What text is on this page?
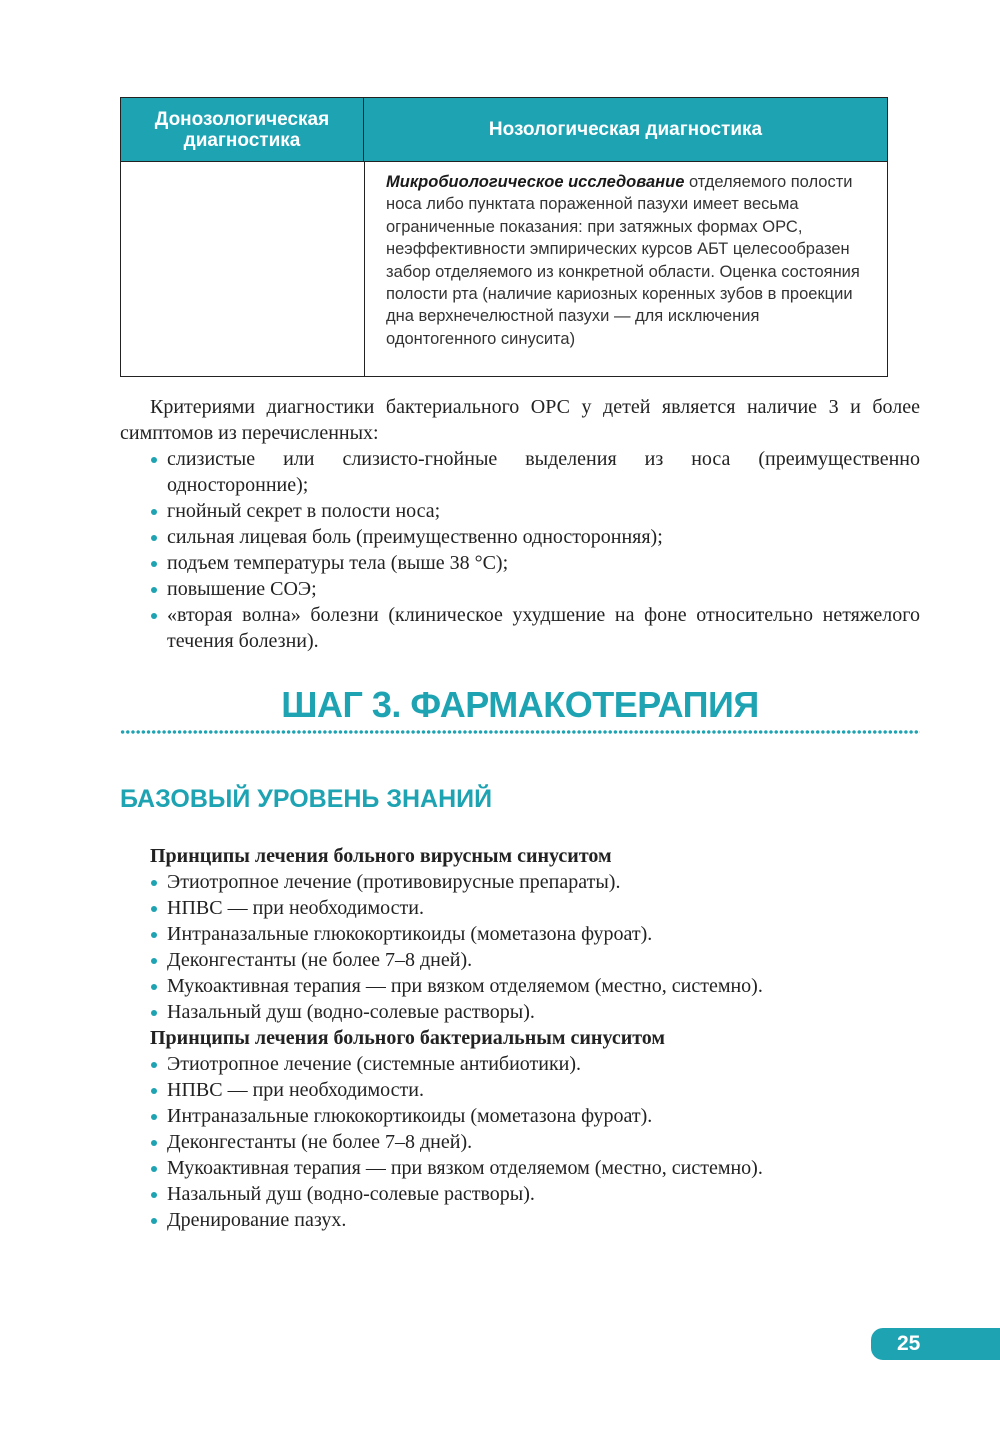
Донозологическая диагностика	Нозологическая диагностика
Микробиологическое исследование отделяемого полости носа либо пунктата пораженной пазухи имеет весьма ограниченные показания: при затяжных формах ОРС, неэффективности эмпирических курсов АБТ целесообразен забор отделяемого из конкретной области. Оценка состояния полости рта (наличие кариозных коренных зубов в проекции дна верхнечелюстной пазухи — для исключения одонтогенного синусита)

Критериями диагностики бактериального ОРС у детей является наличие 3 и более симптомов из перечисленных:

слизистые или слизисто-гнойные выделения из носа (преимущественно односторонние);
гнойный секрет в полости носа;
сильная лицевая боль (преимущественно односторонняя);
подъем температуры тела (выше 38 °С);
повышение СОЭ;
«вторая волна» болезни (клиническое ухудшение на фоне относительно нетяжелого течения болезни).
ШАГ 3. ФАРМАКОТЕРАПИЯ
БАЗОВЫЙ УРОВЕНЬ ЗНАНИЙ
Принципы лечения больного вирусным синуситом
Этиотропное лечение (противовирусные препараты).
НПВС — при необходимости.
Интраназальные глюкокортикоиды (мометазона фуроат).
Деконгестанты (не более 7–8 дней).
Мукоактивная терапия — при вязком отделяемом (местно, системно).
Назальный душ (водно-солевые растворы).
Принципы лечения больного бактериальным синуситом
Этиотропное лечение (системные антибиотики).
НПВС — при необходимости.
Интраназальные глюкокортикоиды (мометазона фуроат).
Деконгестанты (не более 7–8 дней).
Мукоактивная терапия — при вязком отделяемом (местно, системно).
Назальный душ (водно-солевые растворы).
Дренирование пазух.
25
